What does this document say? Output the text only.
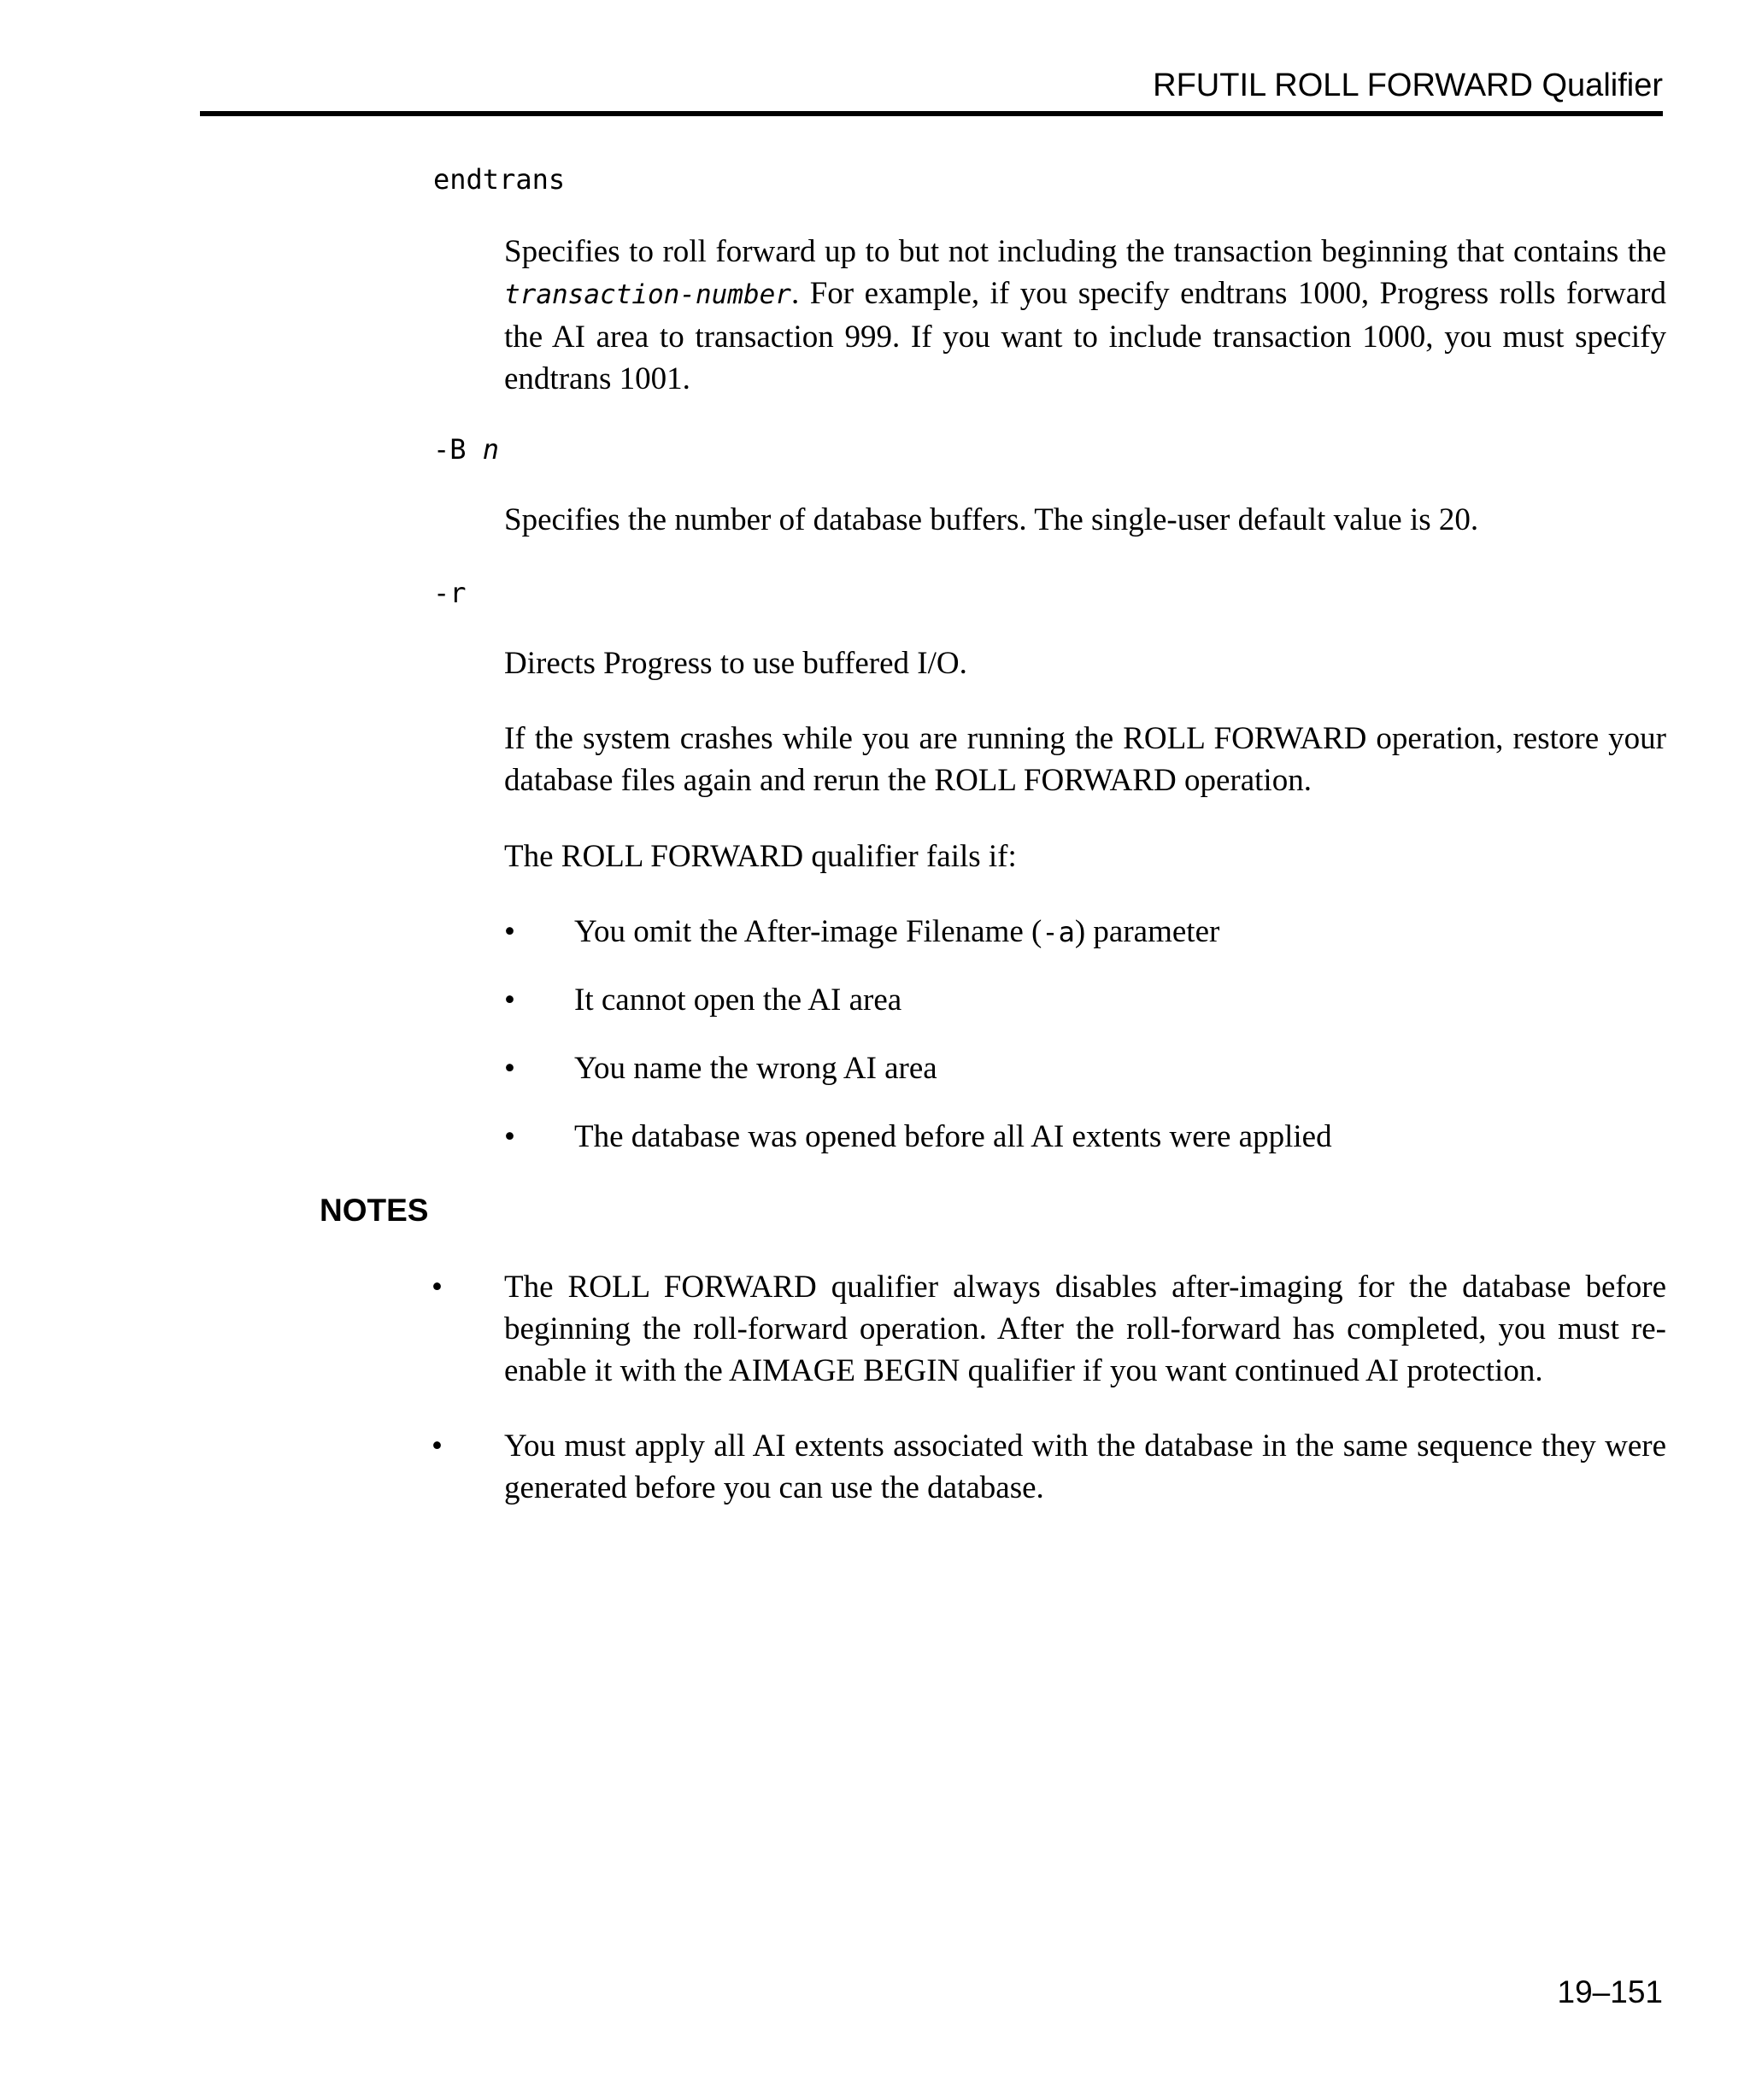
RFUTIL ROLL FORWARD Qualifier
endtrans
Specifies to roll forward up to but not including the transaction beginning that contains the transaction-number. For example, if you specify endtrans 1000, Progress rolls forward the AI area to transaction 999. If you want to include transaction 1000, you must specify endtrans 1001.
-B n
Specifies the number of database buffers. The single-user default value is 20.
-r
Directs Progress to use buffered I/O.
If the system crashes while you are running the ROLL FORWARD operation, restore your database files again and rerun the ROLL FORWARD operation.
The ROLL FORWARD qualifier fails if:
• You omit the After-image Filename (-a) parameter
• It cannot open the AI area
• You name the wrong AI area
• The database was opened before all AI extents were applied
NOTES
• The ROLL FORWARD qualifier always disables after-imaging for the database before beginning the roll-forward operation. After the roll-forward has completed, you must re-enable it with the AIMAGE BEGIN qualifier if you want continued AI protection.
• You must apply all AI extents associated with the database in the same sequence they were generated before you can use the database.
19–151
